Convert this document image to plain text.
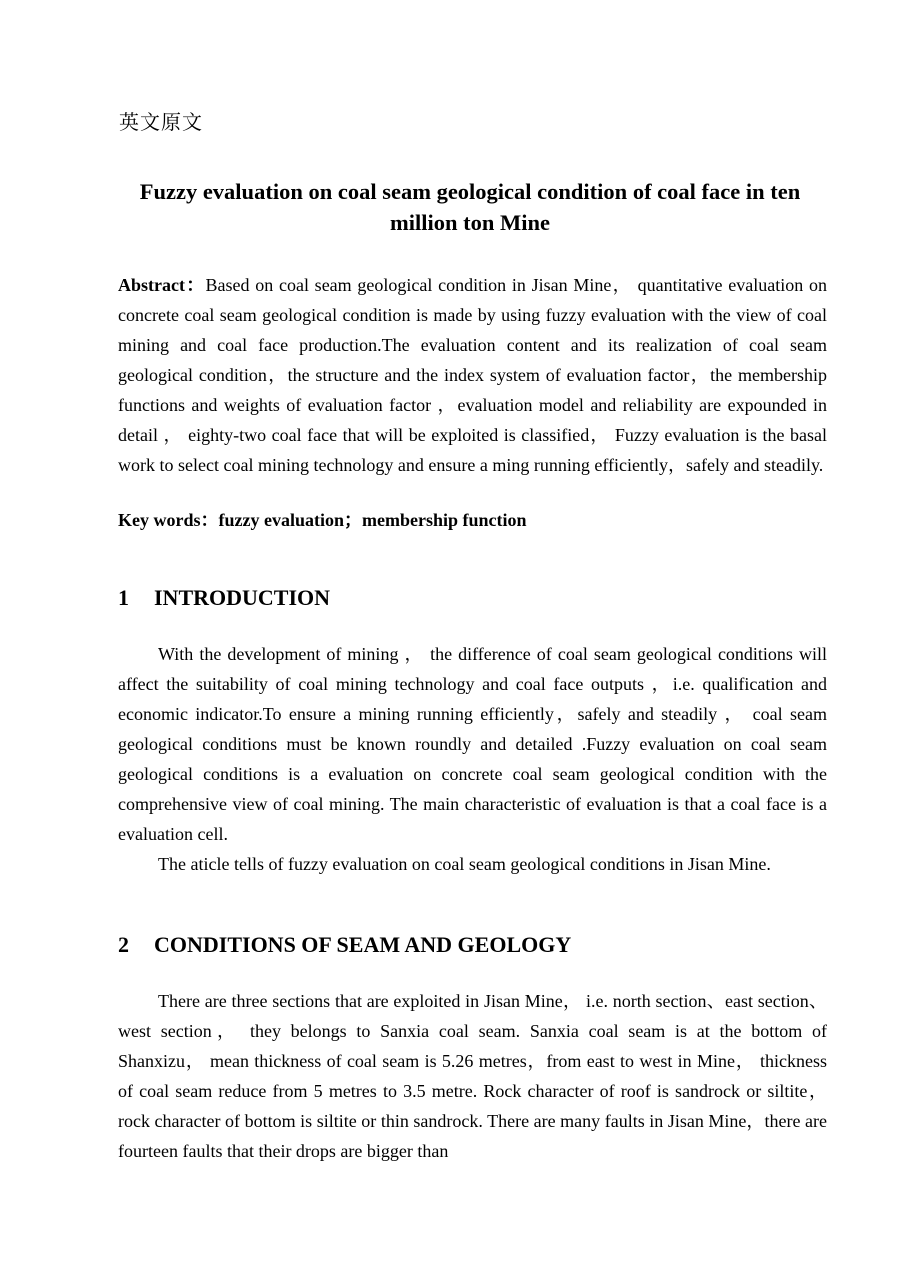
英文原文
Fuzzy evaluation on coal seam geological condition of coal face in ten million ton Mine
Abstract：Based on coal seam geological condition in Jisan Mine， quantitative evaluation on concrete coal seam geological condition is made by using fuzzy evaluation with the view of coal mining and coal face production.The evaluation content and its realization of coal seam geological condition，the structure and the index system of evaluation factor，the membership functions and weights of evaluation factor ，evaluation model and reliability are expounded in detail ， eighty-two coal face that will be exploited is classified， Fuzzy evaluation is the basal work to select coal mining technology and ensure a ming running efficiently，safely and steadily.
Key words：fuzzy evaluation；membership function
1 INTRODUCTION

With the development of mining ， the difference of coal seam geological conditions will affect the suitability of coal mining technology and coal face outputs ，i.e. qualification and economic indicator.To ensure a mining running efficiently，safely and steadily ， coal seam geological conditions must be known roundly and detailed .Fuzzy evaluation on coal seam geological conditions is a evaluation on concrete coal seam geological condition with the comprehensive view of coal mining. The main characteristic of evaluation is that a coal face is a evaluation cell.

The aticle tells of fuzzy evaluation on coal seam geological conditions in Jisan Mine.

2 CONDITIONS OF SEAM AND GEOLOGY

There are three sections that are exploited in Jisan Mine， i.e. north section、east section、west section， they belongs to Sanxia coal seam. Sanxia coal seam is at the bottom of Shanxizu， mean thickness of coal seam is 5.26 metres，from east to west in Mine， thickness of coal seam reduce from 5 metres to 3.5 metre. Rock character of roof is sandrock or siltite， rock character of bottom is siltite or thin sandrock. There are many faults in Jisan Mine，there are fourteen faults that their drops are bigger than
